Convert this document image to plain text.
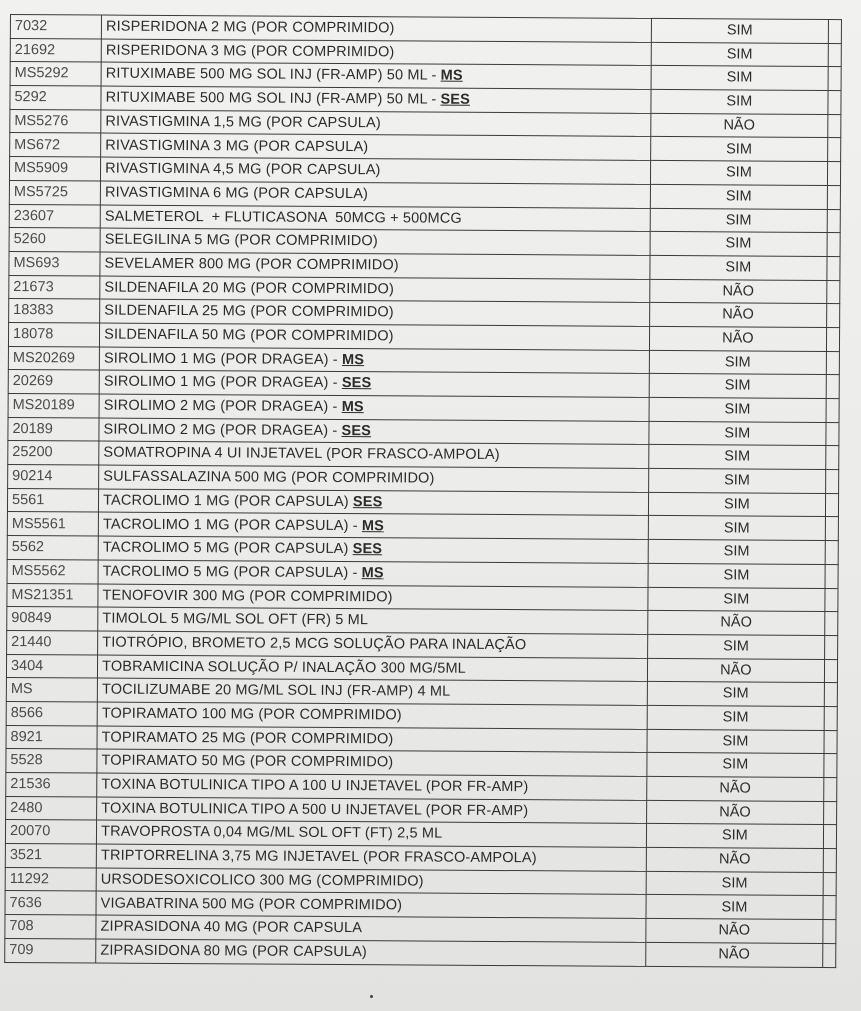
7032	RISPERIDONA 2 MG (POR COMPRIMIDO)	SIM	
21692	RISPERIDONA 3 MG (POR COMPRIMIDO)	SIM	
MS5292	RITUXIMABE 500 MG SOL INJ (FR-AMP) 50 ML - MS	SIM	
5292	RITUXIMABE 500 MG SOL INJ (FR-AMP) 50 ML - SES	SIM	
MS5276	RIVASTIGMINA 1,5 MG (POR CAPSULA)	NÃO	
MS672	RIVASTIGMINA 3 MG (POR CAPSULA)	SIM	
MS5909	RIVASTIGMINA 4,5 MG (POR CAPSULA)	SIM	
MS5725	RIVASTIGMINA 6 MG (POR CAPSULA)	SIM	
23607	SALMETEROL  + FLUTICASONA  50MCG + 500MCG	SIM	
5260	SELEGILINA 5 MG (POR COMPRIMIDO)	SIM	
MS693	SEVELAMER 800 MG (POR COMPRIMIDO)	SIM	
21673	SILDENAFILA 20 MG (POR COMPRIMIDO)	NÃO	
18383	SILDENAFILA 25 MG (POR COMPRIMIDO)	NÃO	
18078	SILDENAFILA 50 MG (POR COMPRIMIDO)	NÃO	
MS20269	SIROLIMO 1 MG (POR DRAGEA) - MS	SIM	
20269	SIROLIMO 1 MG (POR DRAGEA) - SES	SIM	
MS20189	SIROLIMO 2 MG (POR DRAGEA) - MS	SIM	
20189	SIROLIMO 2 MG (POR DRAGEA) - SES	SIM	
25200	SOMATROPINA 4 UI INJETAVEL (POR FRASCO-AMPOLA)	SIM	
90214	SULFASSALAZINA 500 MG (POR COMPRIMIDO)	SIM	
5561	TACROLIMO 1 MG (POR CAPSULA) SES	SIM	
MS5561	TACROLIMO 1 MG (POR CAPSULA) - MS	SIM	
5562	TACROLIMO 5 MG (POR CAPSULA) SES	SIM	
MS5562	TACROLIMO 5 MG (POR CAPSULA) - MS	SIM	
MS21351	TENOFOVIR 300 MG (POR COMPRIMIDO)	SIM	
90849	TIMOLOL 5 MG/ML SOL OFT (FR) 5 ML	NÃO	
21440	TIOTRÓPIO, BROMETO 2,5 MCG SOLUÇÃO PARA INALAÇÃO	SIM	
3404	TOBRAMICINA SOLUÇÃO P/ INALAÇÃO 300 MG/5ML	NÃO	
MS	TOCILIZUMABE 20 MG/ML SOL INJ (FR-AMP) 4 ML	SIM	
8566	TOPIRAMATO 100 MG (POR COMPRIMIDO)	SIM	
8921	TOPIRAMATO 25 MG (POR COMPRIMIDO)	SIM	
5528	TOPIRAMATO 50 MG (POR COMPRIMIDO)	SIM	
21536	TOXINA BOTULINICA TIPO A 100 U INJETAVEL (POR FR-AMP)	NÃO	
2480	TOXINA BOTULINICA TIPO A 500 U INJETAVEL (POR FR-AMP)	NÃO	
20070	TRAVOPROSTA 0,04 MG/ML SOL OFT (FT) 2,5 ML	SIM	
3521	TRIPTORRELINA 3,75 MG INJETAVEL (POR FRASCO-AMPOLA)	NÃO	
11292	URSODESOXICOLICO 300 MG (COMPRIMIDO)	SIM	
7636	VIGABATRINA 500 MG (POR COMPRIMIDO)	SIM	
708	ZIPRASIDONA 40 MG (POR CAPSULA	NÃO	
709	ZIPRASIDONA 80 MG (POR CAPSULA)	NÃO	
